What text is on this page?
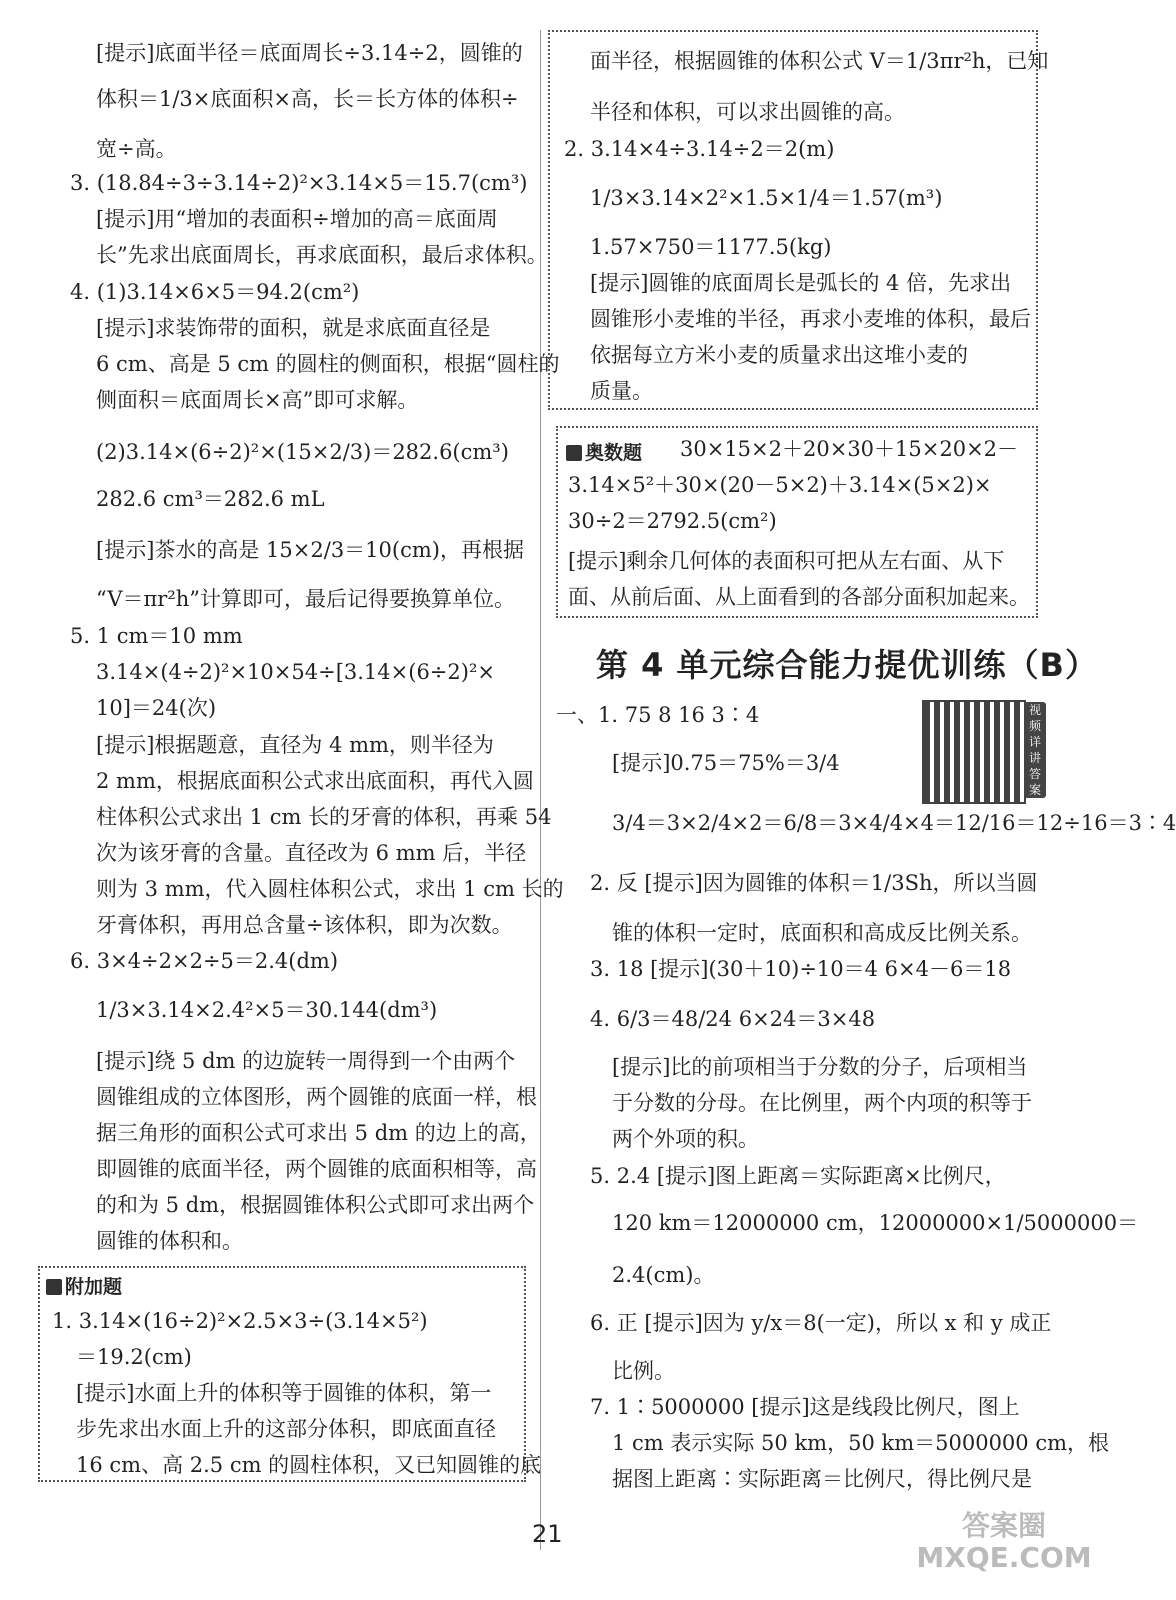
[提示]底面半径＝底面周长÷3.14÷2，圆锥的
体积＝1/3×底面积×高，长＝长方体的体积÷
宽÷高。
3. (18.84÷3÷3.14÷2)²×3.14×5＝15.7(cm³)
[提示]用“增加的表面积÷增加的高＝底面周
长”先求出底面周长，再求底面积，最后求体积。
4. (1)3.14×6×5＝94.2(cm²)
[提示]求装饰带的面积，就是求底面直径是
6 cm、高是 5 cm 的圆柱的侧面积，根据“圆柱的
侧面积＝底面周长×高”即可求解。
(2)3.14×(6÷2)²×(15×2/3)＝282.6(cm³)
282.6 cm³＝282.6 mL
[提示]茶水的高是 15×2/3＝10(cm)，再根据
“V＝πr²h”计算即可，最后记得要换算单位。
5. 1 cm＝10 mm
3.14×(4÷2)²×10×54÷[3.14×(6÷2)²×
10]＝24(次)
[提示]根据题意，直径为 4 mm，则半径为
2 mm，根据底面积公式求出底面积，再代入圆
柱体积公式求出 1 cm 长的牙膏的体积，再乘 54
次为该牙膏的含量。直径改为 6 mm 后，半径
则为 3 mm，代入圆柱体积公式，求出 1 cm 长的
牙膏体积，再用总含量÷该体积，即为次数。
6. 3×4÷2×2÷5＝2.4(dm)
1/3×3.14×2.4²×5＝30.144(dm³)
[提示]绕 5 dm 的边旋转一周得到一个由两个
圆锥组成的立体图形，两个圆锥的底面一样，根
据三角形的面积公式可求出 5 dm 的边上的高，
即圆锥的底面半径，两个圆锥的底面积相等，高
的和为 5 dm，根据圆锥体积公式即可求出两个
圆锥的体积和。
附加题
1. 3.14×(16÷2)²×2.5×3÷(3.14×5²)
＝19.2(cm)
[提示]水面上升的体积等于圆锥的体积，第一
步先求出水面上升的这部分体积，即底面直径
16 cm、高 2.5 cm 的圆柱体积，又已知圆锥的底
面半径，根据圆锥的体积公式 V＝1/3πr²h，已知
半径和体积，可以求出圆锥的高。
2. 3.14×4÷3.14÷2＝2(m)
1/3×3.14×2²×1.5×1/4＝1.57(m³)
1.57×750＝1177.5(kg)
[提示]圆锥的底面周长是弧长的 4 倍，先求出
圆锥形小麦堆的半径，再求小麦堆的体积，最后
依据每立方米小麦的质量求出这堆小麦的
质量。
奥数题 30×15×2＋20×30＋15×20×2－
3.14×5²＋30×(20－5×2)＋3.14×(5×2)×
30÷2＝2792.5(cm²)
[提示]剩余几何体的表面积可把从左右面、从下
面、从前后面、从上面看到的各部分面积加起来。
第 4 单元综合能力提优训练（B）
视频详讲答案
一、1. 75 8 16 3∶4
[提示]0.75＝75%＝3/4
3/4＝3×2/4×2＝6/8＝3×4/4×4＝12/16＝12÷16＝3∶4
2. 反 [提示]因为圆锥的体积＝1/3Sh，所以当圆
锥的体积一定时，底面积和高成反比例关系。
3. 18 [提示](30＋10)÷10＝4 6×4－6＝18
4. 6/3＝48/24 6×24＝3×48
[提示]比的前项相当于分数的分子，后项相当
于分数的分母。在比例里，两个内项的积等于
两个外项的积。
5. 2.4 [提示]图上距离＝实际距离×比例尺，
120 km＝12000000 cm，12000000×1/5000000＝
2.4(cm)。
6. 正 [提示]因为 y/x＝8(一定)，所以 x 和 y 成正
比例。
7. 1∶5000000 [提示]这是线段比例尺，图上
1 cm 表示实际 50 km，50 km＝5000000 cm，根
据图上距离∶实际距离＝比例尺，得比例尺是
21	答案圈 MXQE.COM
